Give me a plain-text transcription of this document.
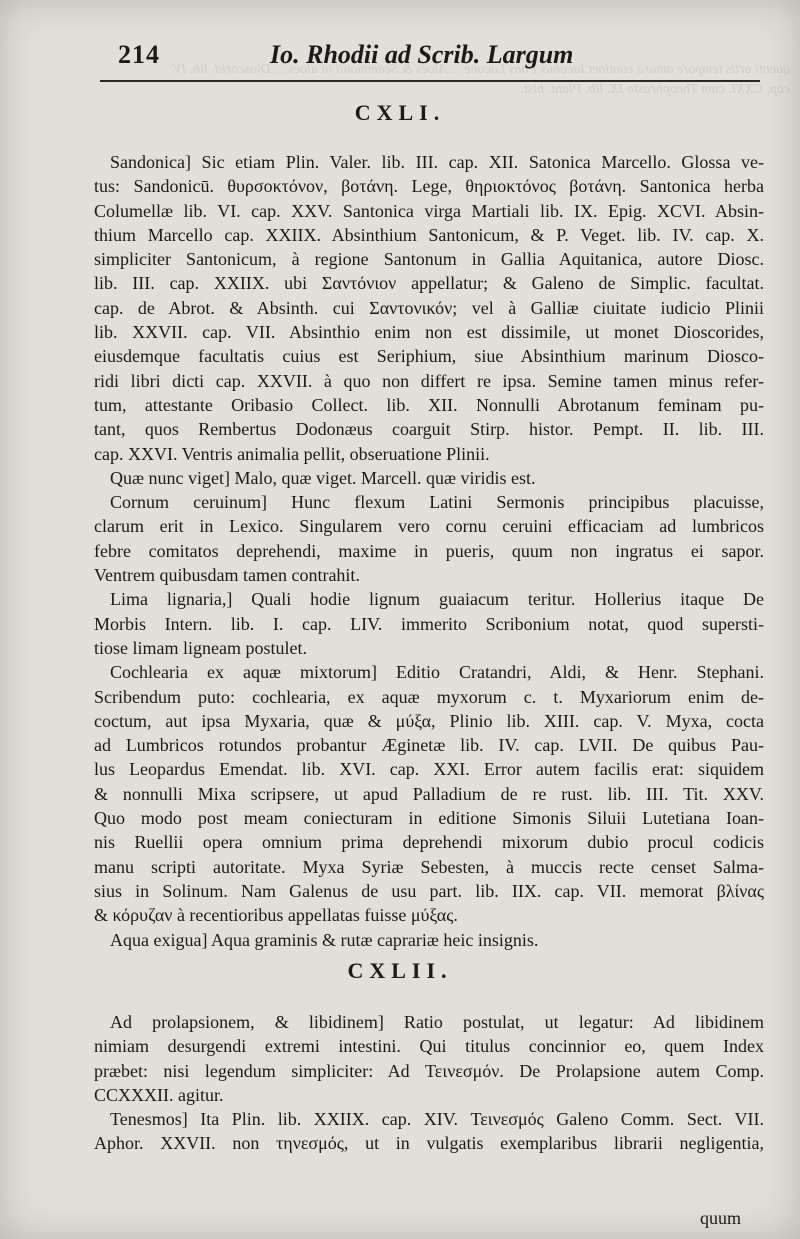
quenti artis tempore amara continet Iacobus Pons Lacone ... Aloes & Scammonii in aloes ... Dioscorid. lib. IV. cap. CXXI. cum Theophrasto IX. lib. Plant. hist.
214	Io. Rhodii ad Scrib. Largum
CXLI.
Sandonica] Sic etiam Plin. Valer. lib. III. cap. XII. Satonica Marcello. Glossa ve-
tus: Sandonicū. θυρσοκτόνον, βοτάνη. Lege, θηριοκτόνος βοτάνη. Santonica herba
Columellæ lib. VI. cap. XXV. Santonica virga Martiali lib. IX. Epig. XCVI. Absin-
thium Marcello cap. XXIIX. Absinthium Santonicum, & P. Veget. lib. IV. cap. X.
simpliciter Santonicum, à regione Santonum in Gallia Aquitanica, autore Diosc.
lib. III. cap. XXIIX. ubi Σαντόνιον appellatur; & Galeno de Simplic. facultat.
cap. de Abrot. & Absinth. cui Σαντονικόν; vel à Galliæ ciuitate iudicio Plinii
lib. XXVII. cap. VII. Absinthio enim non est dissimile, ut monet Dioscorides,
eiusdemque facultatis cuius est Seriphium, siue Absinthium marinum Diosco-
ridi libri dicti cap. XXVII. à quo non differt re ipsa. Semine tamen minus refer-
tum, attestante Oribasio Collect. lib. XII. Nonnulli Abrotanum feminam pu-
tant, quos Rembertus Dodonæus coarguit Stirp. histor. Pempt. II. lib. III.
cap. XXVI. Ventris animalia pellit, obseruatione Plinii.
Quæ nunc viget] Malo, quæ viget. Marcell. quæ viridis est.
Cornum ceruinum] Hunc flexum Latini Sermonis principibus placuisse,
clarum erit in Lexico. Singularem vero cornu ceruini efficaciam ad lumbricos
febre comitatos deprehendi, maxime in pueris, quum non ingratus ei sapor.
Ventrem quibusdam tamen contrahit.
Lima lignaria,] Quali hodie lignum guaiacum teritur. Hollerius itaque De
Morbis Intern. lib. I. cap. LIV. immerito Scribonium notat, quod supersti-
tiose limam ligneam postulet.
Cochlearia ex aquæ mixtorum] Editio Cratandri, Aldi, & Henr. Stephani.
Scribendum puto: cochlearia, ex aquæ myxorum c. t. Myxariorum enim de-
coctum, aut ipsa Myxaria, quæ & μύξα, Plinio lib. XIII. cap. V. Myxa, cocta
ad Lumbricos rotundos probantur Æginetæ lib. IV. cap. LVII. De quibus Pau-
lus Leopardus Emendat. lib. XVI. cap. XXI. Error autem facilis erat: siquidem
& nonnulli Mixa scripsere, ut apud Palladium de re rust. lib. III. Tit. XXV.
Quo modo post meam coniecturam in editione Simonis Siluii Lutetiana Ioan-
nis Ruellii opera omnium prima deprehendi mixorum dubio procul codicis
manu scripti autoritate. Myxa Syriæ Sebesten, à muccis recte censet Salma-
sius in Solinum. Nam Galenus de usu part. lib. IIX. cap. VII. memorat βλίνας
& κόρυζαν à recentioribus appellatas fuisse μύξας.
Aqua exigua] Aqua graminis & rutæ caprariæ heic insignis.
CXLII.
Ad prolapsionem, & libidinem] Ratio postulat, ut legatur: Ad libidinem
nimiam desurgendi extremi intestini. Qui titulus concinnior eo, quem Index
præbet: nisi legendum simpliciter: Ad Τεινεσμόν. De Prolapsione autem Comp.
CCXXXII. agitur.
Tenesmos] Ita Plin. lib. XXIIX. cap. XIV. Τεινεσμός Galeno Comm. Sect. VII.
Aphor. XXVII. non τηνεσμός, ut in vulgatis exemplaribus librarii negligentia,
quum
